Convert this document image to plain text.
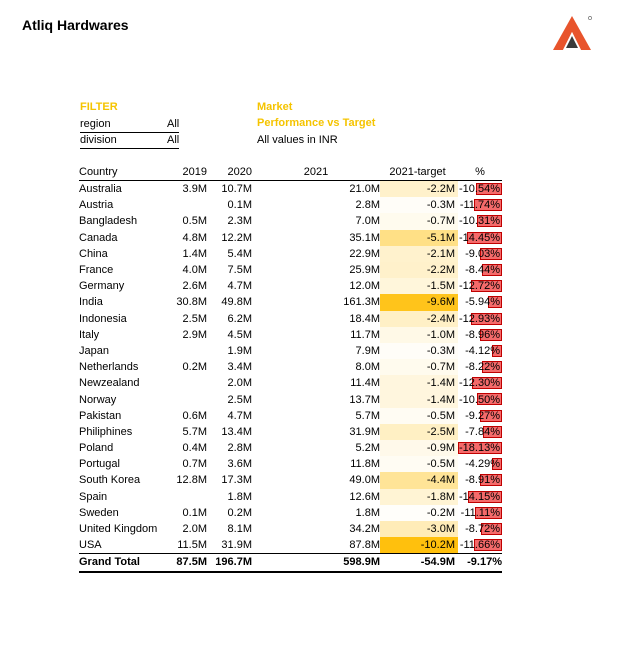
Atliq Hardwares
FILTER
region	All
division	All
Market
Performance vs Target
All values in INR
Country	2019	2020	2021	2021-target	%
Australia	3.9M	10.7M	21.0M	-2.2M	-10.54%
Austria		0.1M	2.8M	-0.3M	-11.74%
Bangladesh	0.5M	2.3M	7.0M	-0.7M	-10.31%
Canada	4.8M	12.2M	35.1M	-5.1M	-14.45%
China	1.4M	5.4M	22.9M	-2.1M	-9.03%
France	4.0M	7.5M	25.9M	-2.2M	-8.44%
Germany	2.6M	4.7M	12.0M	-1.5M	-12.72%
India	30.8M	49.8M	161.3M	-9.6M	-5.94%
Indonesia	2.5M	6.2M	18.4M	-2.4M	-12.93%
Italy	2.9M	4.5M	11.7M	-1.0M	-8.96%
Japan		1.9M	7.9M	-0.3M	-4.12%
Netherlands	0.2M	3.4M	8.0M	-0.7M	-8.22%
Newzealand		2.0M	11.4M	-1.4M	-12.30%
Norway		2.5M	13.7M	-1.4M	-10.50%
Pakistan	0.6M	4.7M	5.7M	-0.5M	-9.27%
Philiphines	5.7M	13.4M	31.9M	-2.5M	-7.84%
Poland	0.4M	2.8M	5.2M	-0.9M	-18.13%
Portugal	0.7M	3.6M	11.8M	-0.5M	-4.29%
South Korea	12.8M	17.3M	49.0M	-4.4M	-8.91%
Spain		1.8M	12.6M	-1.8M	-14.15%
Sweden	0.1M	0.2M	1.8M	-0.2M	-11.11%
United Kingdom	2.0M	8.1M	34.2M	-3.0M	-8.72%
USA	11.5M	31.9M	87.8M	-10.2M	-11.66%
Grand Total	87.5M	196.7M	598.9M	-54.9M	-9.17%
